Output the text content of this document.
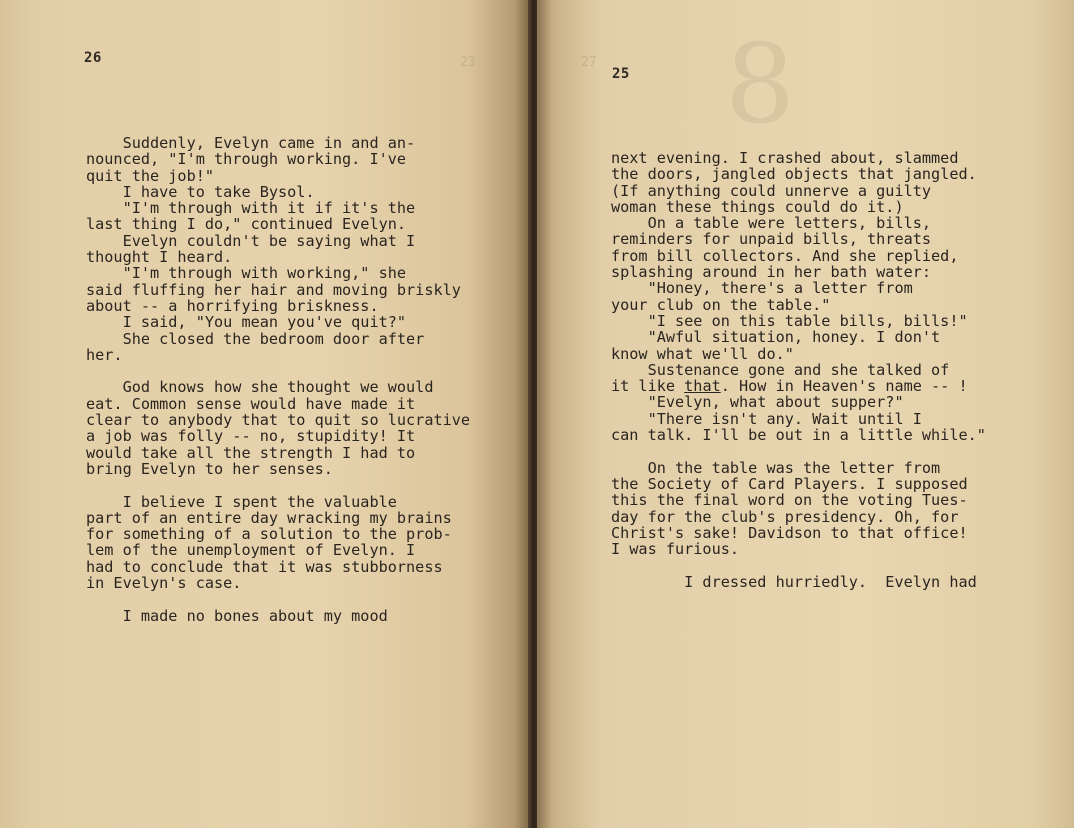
26	23
Suddenly, Evelyn came in and an-
nounced, "I'm through working. I've
quit the job!"
I have to take Bysol.
"I'm through with it if it's the
last thing I do," continued Evelyn.
Evelyn couldn't be saying what I
thought I heard.
"I'm through with working," she
said fluffing her hair and moving briskly
about -- a horrifying briskness.
I said, "You mean you've quit?"
She closed the bedroom door after
her.
God knows how she thought we would
eat. Common sense would have made it
clear to anybody that to quit so lucrative
a job was folly -- no, stupidity! It
would take all the strength I had to
bring Evelyn to her senses.
I believe I spent the valuable
part of an entire day wracking my brains
for something of a solution to the prob-
lem of the unemployment of Evelyn. I
had to conclude that it was stubborness
in Evelyn's case.
I made no bones about my mood
27 8
25
next evening. I crashed about, slammed
the doors, jangled objects that jangled.
(If anything could unnerve a guilty
woman these things could do it.)
On a table were letters, bills,
reminders for unpaid bills, threats
from bill collectors. And she replied,
splashing around in her bath water:
"Honey, there's a letter from
your club on the table."
"I see on this table bills, bills!"
"Awful situation, honey. I don't
know what we'll do."
Sustenance gone and she talked of
it like that. How in Heaven's name -- !
"Evelyn, what about supper?"
"There isn't any. Wait until I
can talk. I'll be out in a little while."
On the table was the letter from
the Society of Card Players. I supposed
this the final word on the voting Tues-
day for the club's presidency. Oh, for
Christ's sake! Davidson to that office!
I was furious.
I dressed hurriedly.  Evelyn had
